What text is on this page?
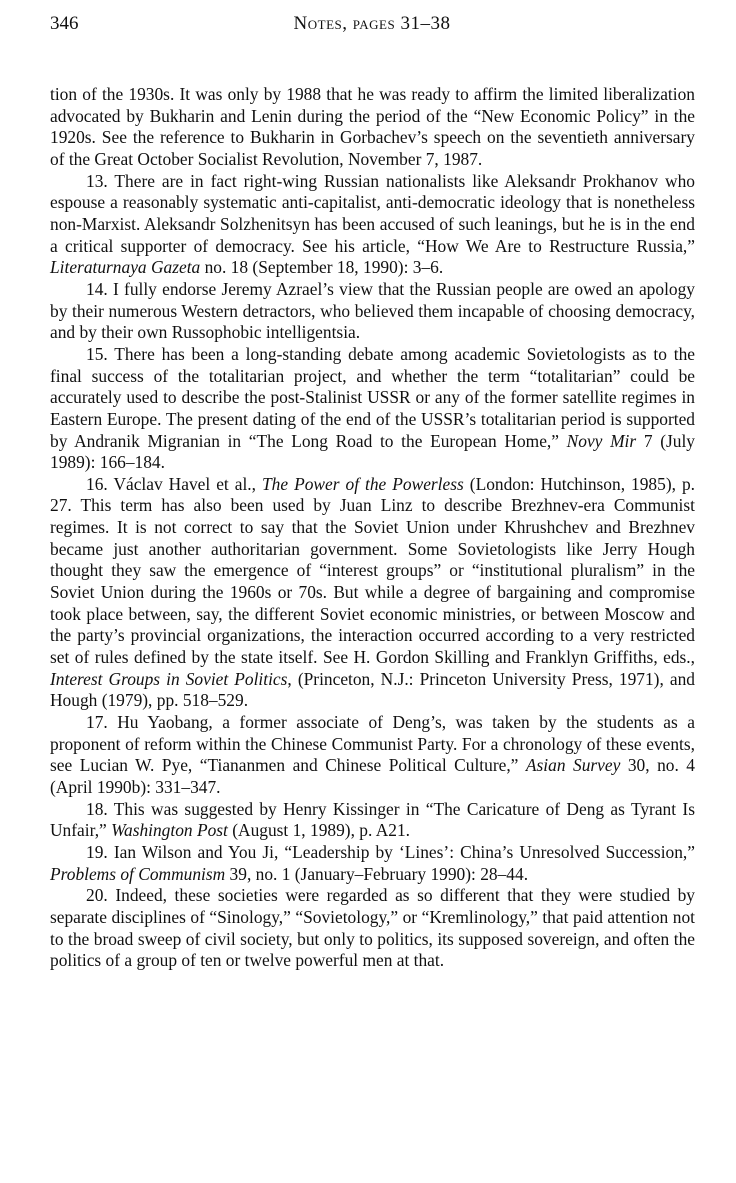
346	Notes, pages 31–38

tion of the 1930s. It was only by 1988 that he was ready to affirm the limited liberalization advocated by Bukharin and Lenin during the period of the “New Economic Policy” in the 1920s. See the reference to Bukharin in Gorbachev’s speech on the seventieth anniversary of the Great October Socialist Revolution, November 7, 1987.

13. There are in fact right-wing Russian nationalists like Aleksandr Prokhanov who espouse a reasonably systematic anti-capitalist, anti-democratic ideology that is nonetheless non-Marxist. Aleksandr Solzhenitsyn has been accused of such leanings, but he is in the end a critical supporter of democracy. See his article, “How We Are to Restructure Russia,” Literaturnaya Gazeta no. 18 (September 18, 1990): 3–6.

14. I fully endorse Jeremy Azrael’s view that the Russian people are owed an apology by their numerous Western detractors, who believed them incapable of choosing democracy, and by their own Russophobic intelligentsia.

15. There has been a long-standing debate among academic Sovietologists as to the final success of the totalitarian project, and whether the term “totalitarian” could be accurately used to describe the post-Stalinist USSR or any of the former satellite regimes in Eastern Europe. The present dating of the end of the USSR’s totalitarian period is supported by Andranik Migranian in “The Long Road to the European Home,” Novy Mir 7 (July 1989): 166–184.

16. Václav Havel et al., The Power of the Powerless (London: Hutchinson, 1985), p. 27. This term has also been used by Juan Linz to describe Brezhnev-era Communist regimes. It is not correct to say that the Soviet Union under Khrushchev and Brezhnev became just another authoritarian government. Some Sovietologists like Jerry Hough thought they saw the emergence of “interest groups” or “institutional pluralism” in the Soviet Union during the 1960s or 70s. But while a degree of bargaining and compromise took place between, say, the different Soviet economic ministries, or between Moscow and the party’s provincial organizations, the interaction occurred according to a very restricted set of rules defined by the state itself. See H. Gordon Skilling and Franklyn Griffiths, eds., Interest Groups in Soviet Politics, (Princeton, N.J.: Princeton University Press, 1971), and Hough (1979), pp. 518–529.

17. Hu Yaobang, a former associate of Deng’s, was taken by the students as a proponent of reform within the Chinese Communist Party. For a chronology of these events, see Lucian W. Pye, “Tiananmen and Chinese Political Culture,” Asian Survey 30, no. 4 (April 1990b): 331–347.

18. This was suggested by Henry Kissinger in “The Caricature of Deng as Tyrant Is Unfair,” Washington Post (August 1, 1989), p. A21.

19. Ian Wilson and You Ji, “Leadership by ‘Lines’: China’s Unresolved Succession,” Problems of Communism 39, no. 1 (January–February 1990): 28–44.

20. Indeed, these societies were regarded as so different that they were studied by separate disciplines of “Sinology,” “Sovietology,” or “Kremlinology,” that paid attention not to the broad sweep of civil society, but only to politics, its supposed sovereign, and often the politics of a group of ten or twelve powerful men at that.
